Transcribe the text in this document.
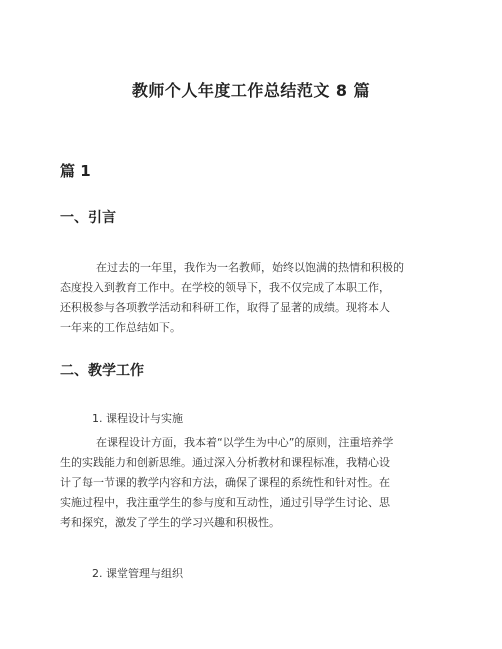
教师个人年度工作总结范文 8 篇
篇 1
一、引言
在过去的一年里，我作为一名教师，始终以饱满的热情和积极的
态度投入到教育工作中。在学校的领导下，我不仅完成了本职工作，
还积极参与各项教学活动和科研工作，取得了显著的成绩。现将本人
一年来的工作总结如下。
二、教学工作
1. 课程设计与实施
在课程设计方面，我本着“以学生为中心”的原则，注重培养学
生的实践能力和创新思维。通过深入分析教材和课程标准，我精心设
计了每一节课的教学内容和方法，确保了课程的系统性和针对性。在
实施过程中，我注重学生的参与度和互动性，通过引导学生讨论、思
考和探究，激发了学生的学习兴趣和积极性。
2. 课堂管理与组织
